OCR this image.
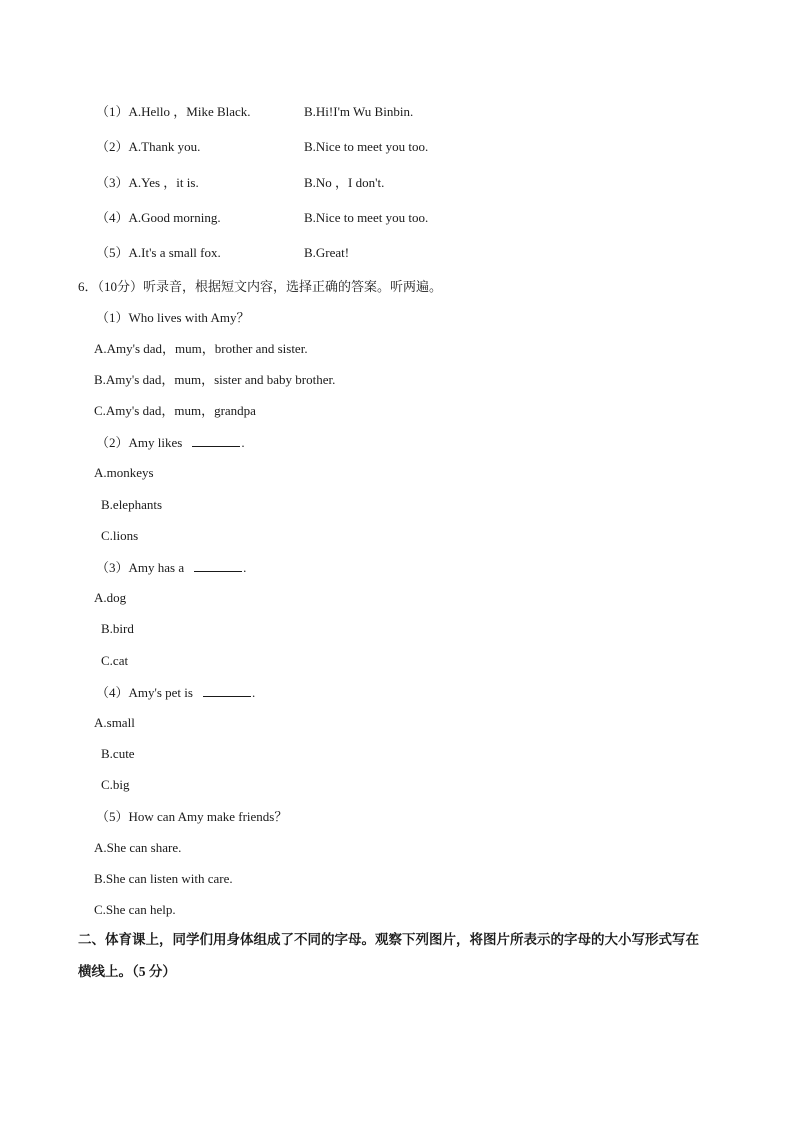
（1）A.Hello ，Mike Black.	B.Hi!I'm Wu Binbin.
（2）A.Thank you.	B.Nice to meet you too.
（3）A.Yes ，it is.	B.No ，I don't.
（4）A.Good morning.	B.Nice to meet you too.
（5）A.It's a small fox.	B.Great!
6．（10分）听录音，根据短文内容，选择正确的答案。听两遍。
（1）Who lives with Amy？
A.Amy's dad，mum，brother and sister.
B.Amy's dad，mum，sister and baby brother.
C.Amy's dad，mum，grandpa
（2）Amy likes	.
A.monkeys
B.elephants
C.lions
（3）Amy has a	.
A.dog
B.bird
C.cat
（4）Amy's pet is	.
A.small
B.cute
C.big
（5）How can Amy make friends？
A.She can share.
B.She can listen with care.
C.She can help.
二、体育课上，同学们用身体组成了不同的字母。观察下列图片，将图片所表示的字母的大小写形式写在
横线上。（5 分）
